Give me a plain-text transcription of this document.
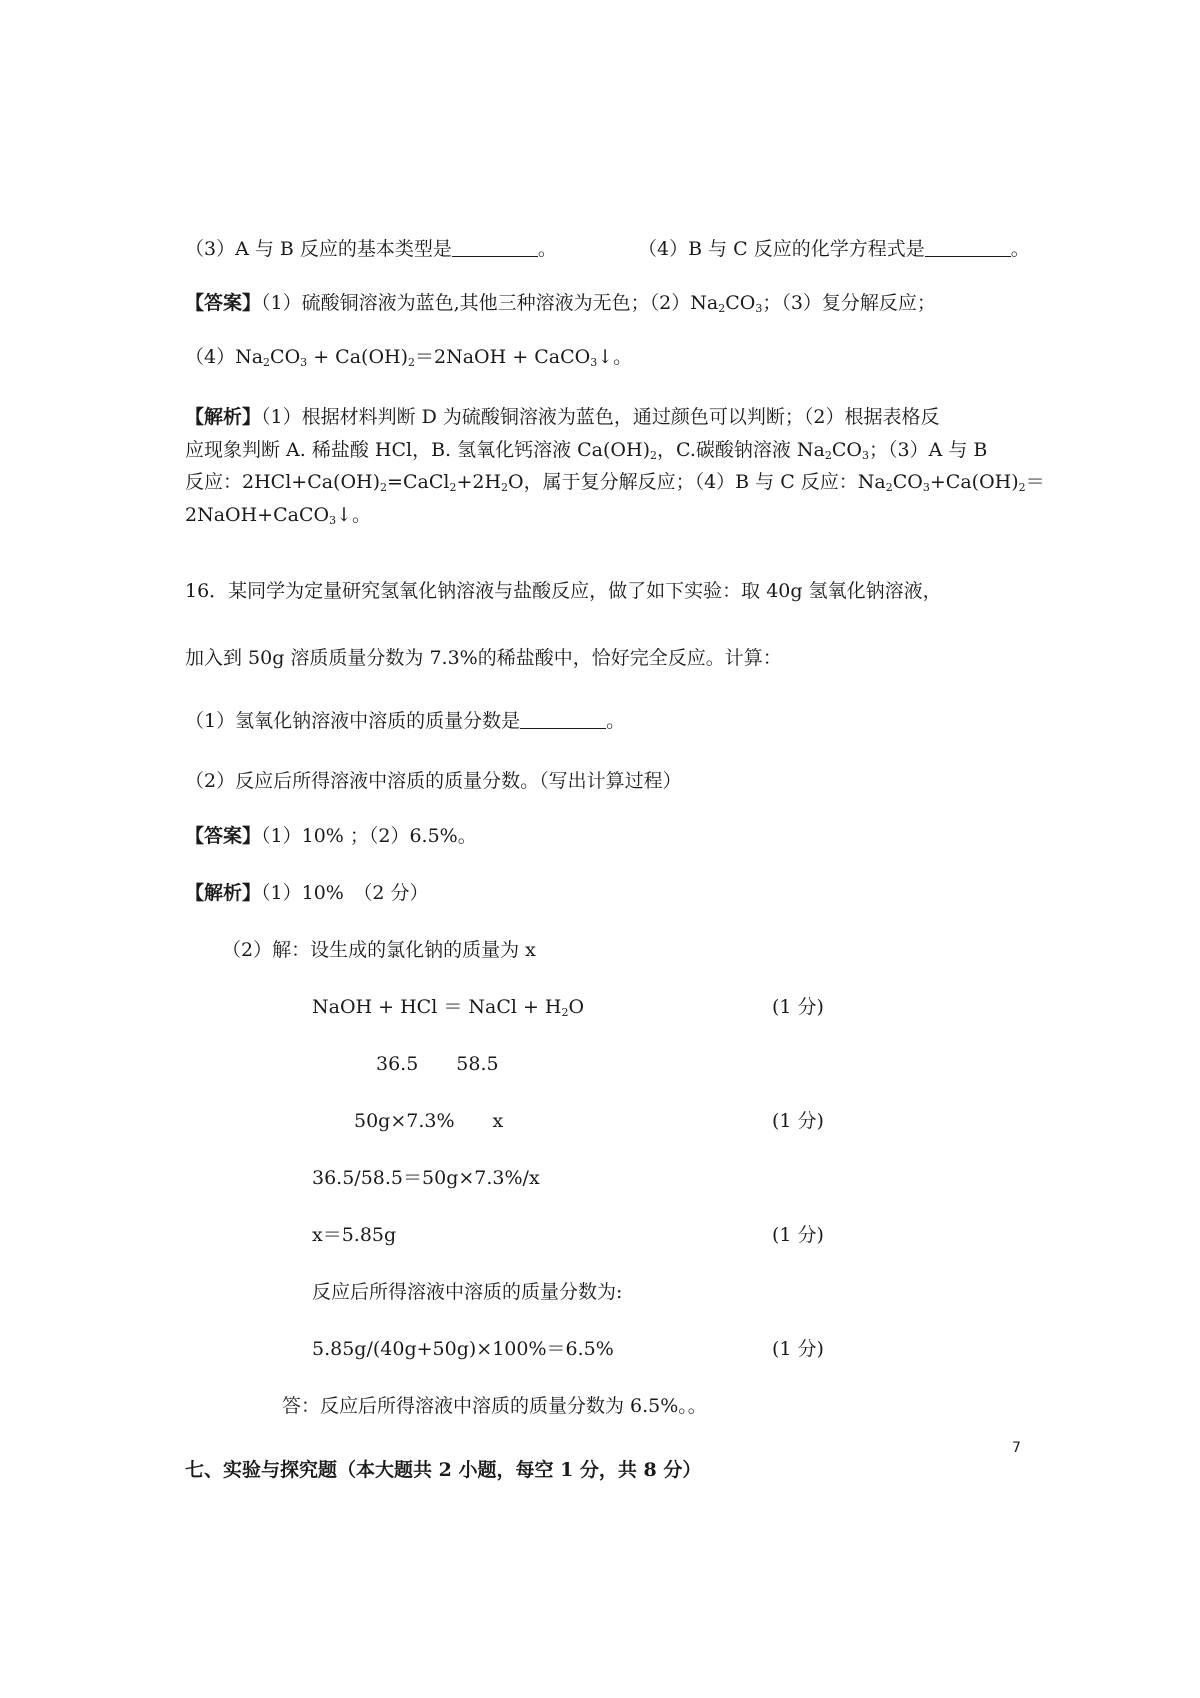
（3）A 与 B 反应的基本类型是	。	（4）B 与 C 反应的化学方程式是	。
【答案】（1）硫酸铜溶液为蓝色,其他三种溶液为无色；$(2)Na_2CO_3$；（3）复分解反应；
$(4)Na_2CO_3$ + $Ca(OH)_2=2NaOH$ + CaCO$_3$↓。
【解析】（1）根据材料判断 D 为硫酸铜溶液为蓝色，通过颜色可以判断；（2）根据表格反
应现象判断 A. 稀盐酸 HCl，B. 氢氧化钙溶液 $Ca(OH)_2$，C.碳酸钠溶液 $Na_2CO_3$；（3）A 与 B
反应：$2HCl+Ca(OH)_2=CaCl_2+2H_2O$，属于复分解反应；（4）B 与 C 反应：$Na_2CO_3+Ca(OH)_2=$
2NaOH+CaCO$_3$↓。
16．某同学为定量研究氢氧化钠溶液与盐酸反应，做了如下实验：取 40g 氢氧化钠溶液，
加入到 50g 溶质质量分数为 7.3%的稀盐酸中，恰好完全反应。计算：
（1）氢氧化钠溶液中溶质的质量分数是	。
（2）反应后所得溶液中溶质的质量分数。（写出计算过程）
【答案】（1）10% ；（2）6.5%。
【解析】（1）10%　（2 分）
（2）解：设生成的氯化钠的质量为 x
NaOH + HCl ＝ NaCl + $H_2O$	(1 分)
36.5　　58.5
50g×7.3%　　x	(1 分)
36.5/58.5＝50g×7.3%/x
x＝5.85g	(1 分)
反应后所得溶液中溶质的质量分数为:
5.85g/(40g+50g)×100%＝6.5%	(1 分)
答：反应后所得溶液中溶质的质量分数为 6.5%。。
七、实验与探究题（本大题共 2 小题，每空 1 分，共 8 分）
7
